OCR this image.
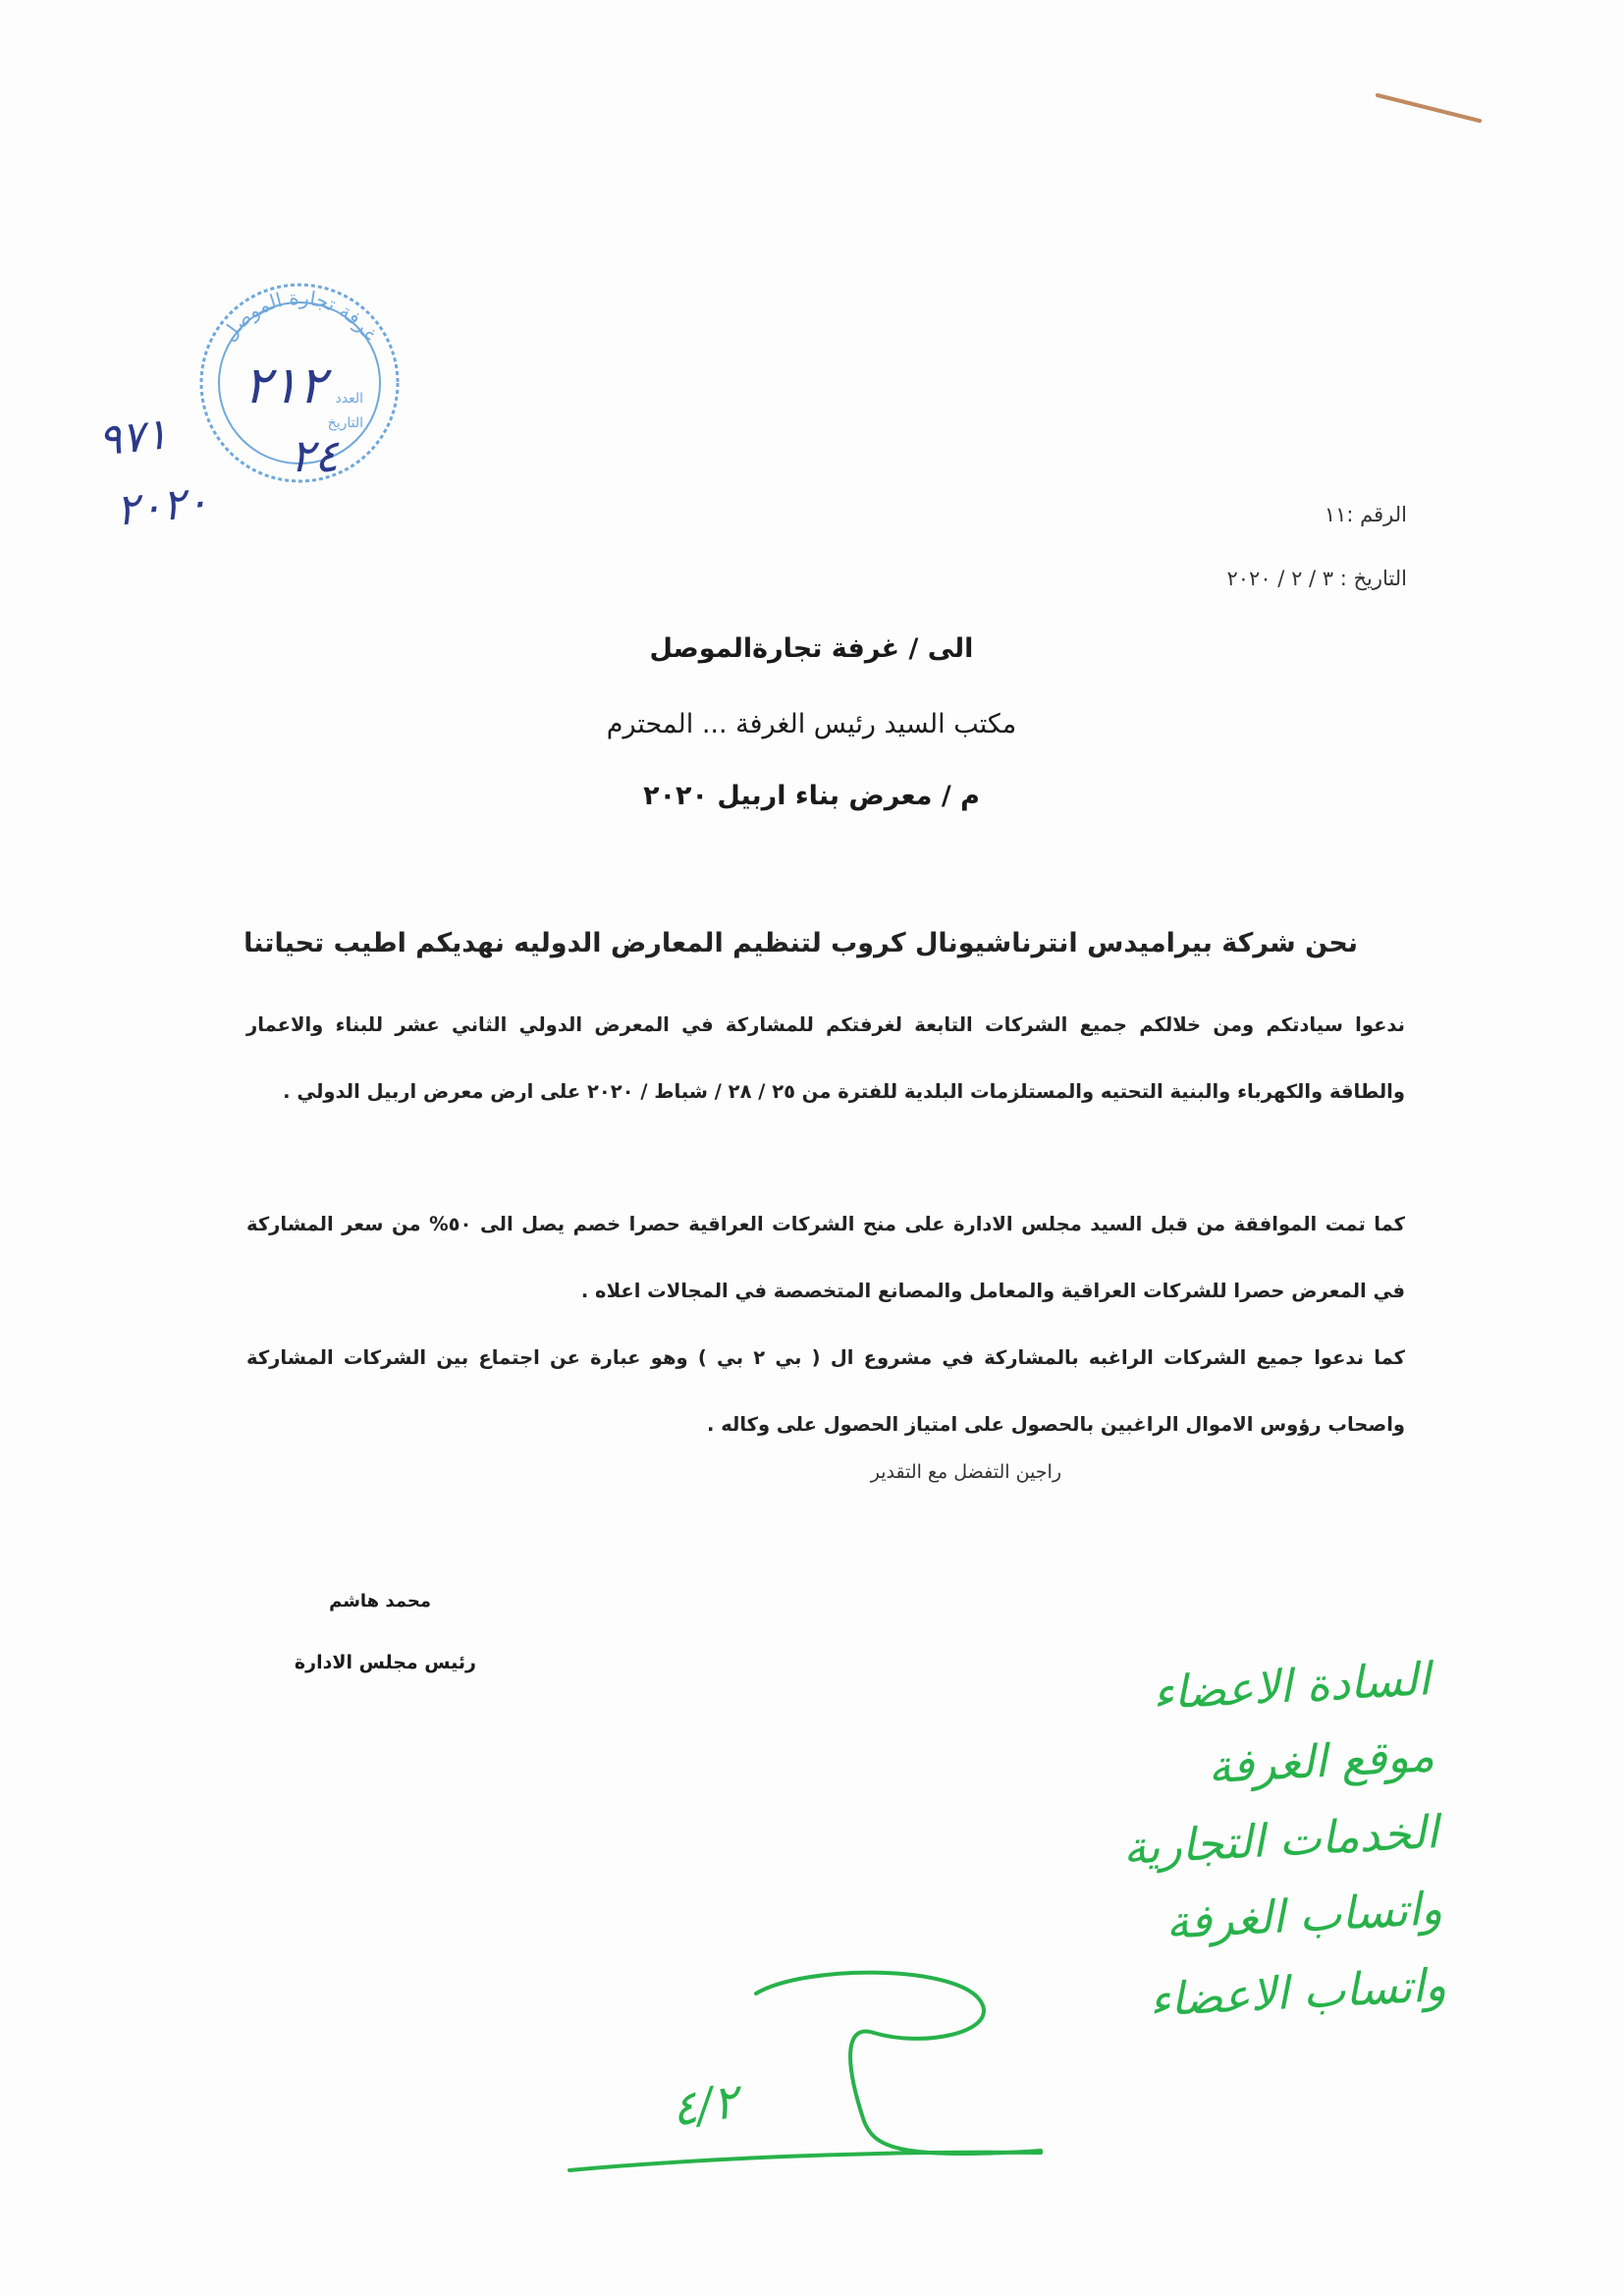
غرفة تجارة الموصل
العدد
التاريخ
٢١٢
٢٤
٩٧١
٢٠٢٠	الرقم :١١
التاريخ : ٣ / ٢ / ٢٠٢٠
الى / غرفة تجارةالموصل
مكتب السيد رئيس الغرفة ... المحترم
م / معرض بناء اربيل ٢٠٢٠
نحن شركة بيراميدس انترناشيونال كروب لتنظيم المعارض الدوليه نهديكم اطيب تحياتنا
ندعوا سيادتكم ومن خلالكم جميع الشركات التابعة لغرفتكم للمشاركة في المعرض الدولي الثاني عشر للبناء والاعمار والطاقة والكهرباء والبنية التحتيه والمستلزمات البلدية للفترة من ٢٥ / ٢٨ / شباط / ٢٠٢٠ على ارض معرض اربيل الدولي .
كما تمت الموافقة من قبل السيد مجلس الادارة على منح الشركات العراقية حصرا خصم يصل الى ٥٠% من سعر المشاركة في المعرض حصرا للشركات العراقية والمعامل والمصانع المتخصصة في المجالات اعلاه .
كما ندعوا جميع الشركات الراغبه بالمشاركة في مشروع ال ( بي ٢ بي ) وهو عبارة عن اجتماع بين الشركات المشاركة واصحاب رؤوس الاموال الراغبين بالحصول على امتياز الحصول على وكاله .
راجين التفضل مع التقدير
محمد هاشم
رئيس مجلس الادارة	السادة الاعضاء
موقع الغرفة
الخدمات التجارية
واتساب الغرفة
واتساب الاعضاء
٤/٢
